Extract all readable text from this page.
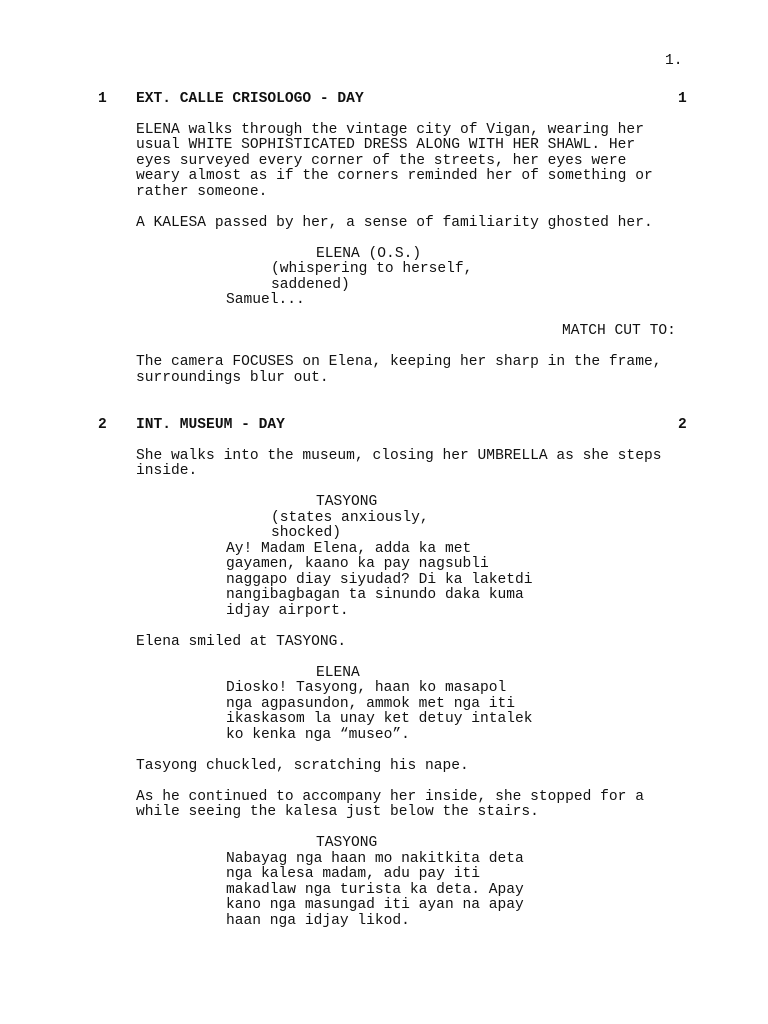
1.
1 EXT. CALLE CRISOLOGO - DAY	1
ELENA walks through the vintage city of Vigan, wearing her
usual WHITE SOPHISTICATED DRESS ALONG WITH HER SHAWL. Her
eyes surveyed every corner of the streets, her eyes were
weary almost as if the corners reminded her of something or
rather someone.
A KALESA passed by her, a sense of familiarity ghosted her.
ELENA (O.S.)
(whispering to herself,
saddened)
Samuel...
MATCH CUT TO:
The camera FOCUSES on Elena, keeping her sharp in the frame,
surroundings blur out.
2 INT. MUSEUM - DAY	2
She walks into the museum, closing her UMBRELLA as she steps
inside.
TASYONG
(states anxiously,
shocked)
Ay! Madam Elena, adda ka met
gayamen, kaano ka pay nagsubli
naggapo diay siyudad? Di ka laketdi
nangibagbagan ta sinundo daka kuma
idjay airport.
Elena smiled at TASYONG.
ELENA
Diosko! Tasyong, haan ko masapol
nga agpasundon, ammok met nga iti
ikaskasom la unay ket detuy intalek
ko kenka nga “museo”.
Tasyong chuckled, scratching his nape.
As he continued to accompany her inside, she stopped for a
while seeing the kalesa just below the stairs.
TASYONG
Nabayag nga haan mo nakitkita deta
nga kalesa madam, adu pay iti
makadlaw nga turista ka deta. Apay
kano nga masungad iti ayan na apay
haan nga idjay likod.
